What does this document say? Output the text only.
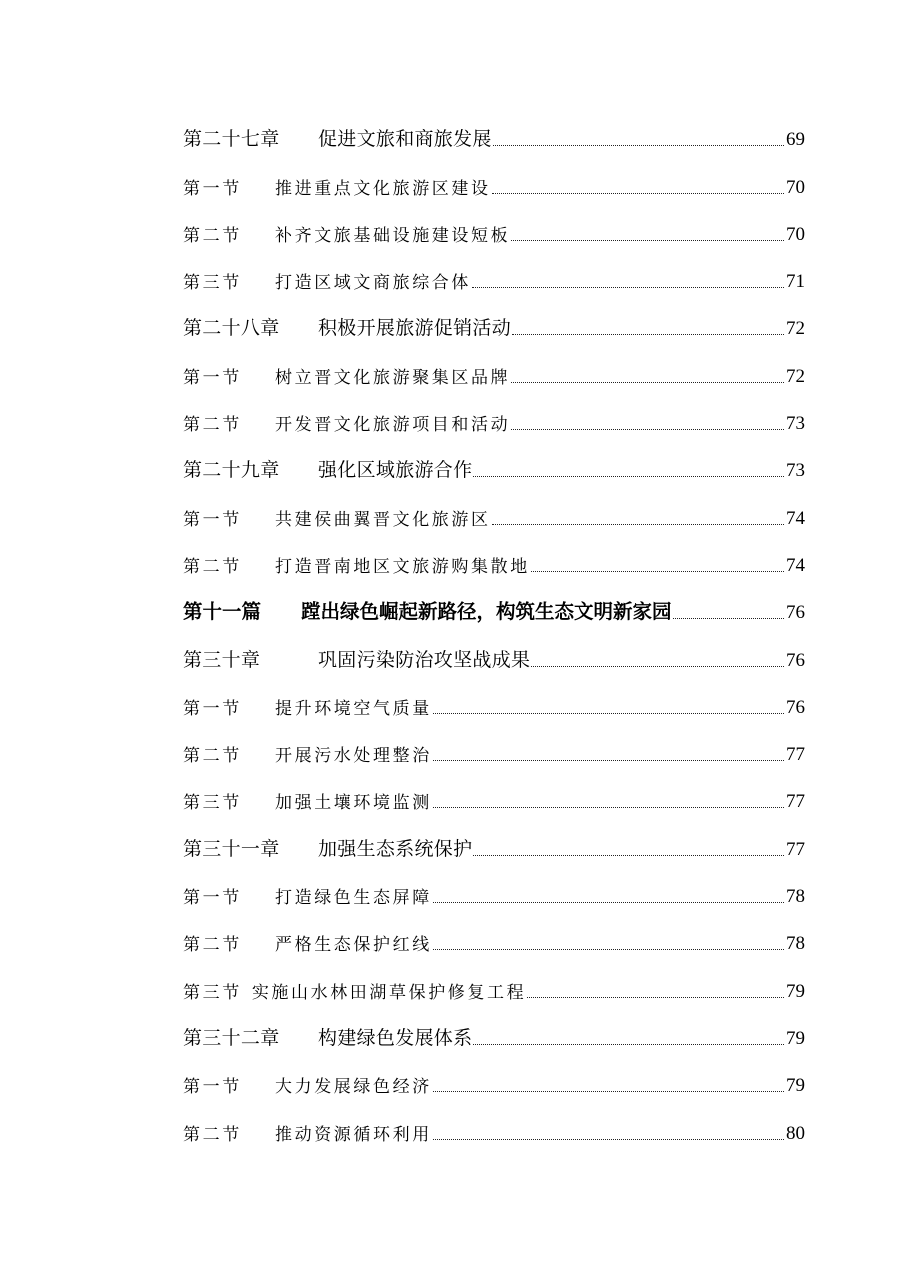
第二十七章 促进文旅和商旅发展	69
第一节 推进重点文化旅游区建设	70
第二节 补齐文旅基础设施建设短板	70
第三节 打造区域文商旅综合体	71
第二十八章 积极开展旅游促销活动	72
第一节 树立晋文化旅游聚集区品牌	72
第二节 开发晋文化旅游项目和活动	73
第二十九章 强化区域旅游合作	73
第一节 共建侯曲翼晋文化旅游区	74
第二节 打造晋南地区文旅游购集散地	74
第十一篇 蹚出绿色崛起新路径，构筑生态文明新家园	76
第三十章	巩固污染防治攻坚战成果	76
第一节 提升环境空气质量	76
第二节 开展污水处理整治	77
第三节 加强土壤环境监测	77
第三十一章 加强生态系统保护	77
第一节 打造绿色生态屏障	78
第二节 严格生态保护红线	78
第三节 实施山水林田湖草保护修复工程	79
第三十二章 构建绿色发展体系	79
第一节 大力发展绿色经济	79
第二节 推动资源循环利用	80
